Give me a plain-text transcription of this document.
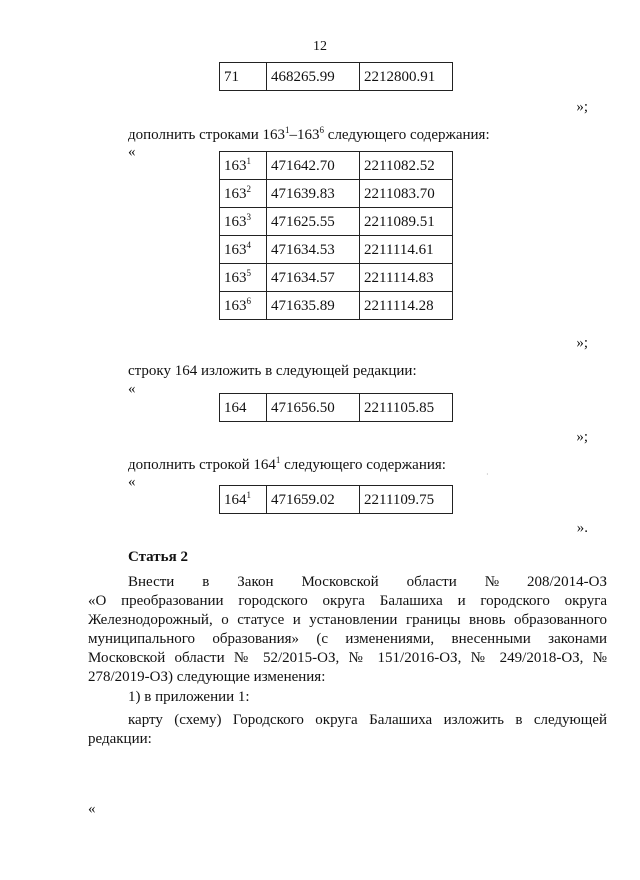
12
71	468265.99	2212800.91
»;
дополнить строками $163^1-163^6$ следующего содержания:
«
$163^1$	471642.70	2211082.52
$163^2$	471639.83	2211083.70
$163^3$	471625.55	2211089.51
$163^4$	471634.53	2211114.61
$163^5$	471634.57	2211114.83
$163^6$	471635.89	2211114.28
»;
строку 164 изложить в следующей редакции:
«
164	471656.50	2211105.85
»;
дополнить строкой $164^1$ следующего содержания:
«
$164^1$	471659.02	2211109.75
».
Статья 2
Внести в Закон Московской области № 208/2014-ОЗ
«О преобразовании городского округа Балашиха и городского округа Железнодорожный, о статусе и установлении границы вновь образованного муниципального образования» (с изменениями, внесенными законами Московской области № 52/2015-ОЗ, № 151/2016-ОЗ, № 249/2018-ОЗ, № 278/2019-ОЗ) следующие изменения:
1) в приложении 1:
карту (схему) Городского округа Балашиха изложить в следующей редакции:
«
·
